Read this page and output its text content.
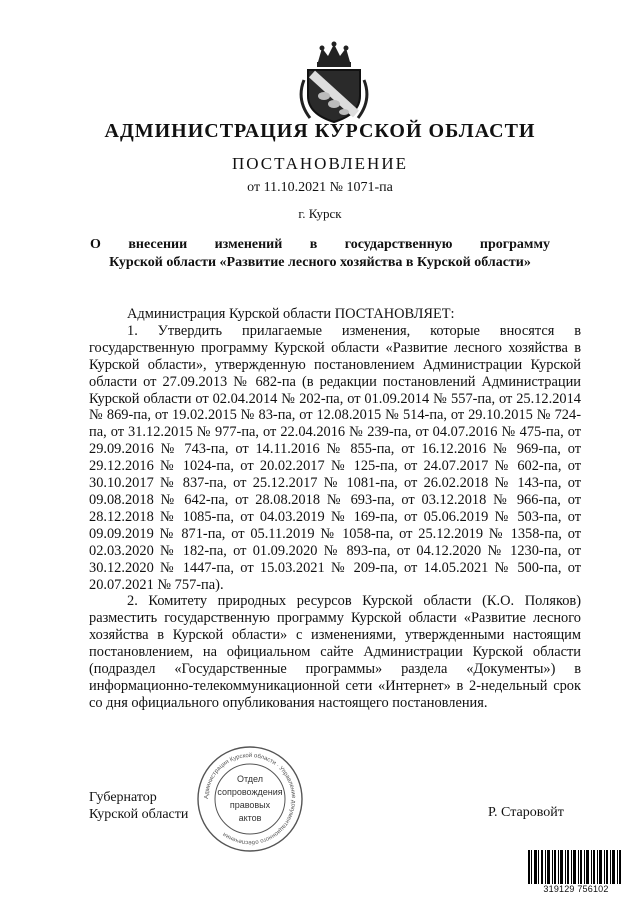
АДМИНИСТРАЦИЯ КУРСКОЙ ОБЛАСТИ
ПОСТАНОВЛЕНИЕ
от 11.10.2021 № 1071-па
г. Курск
О внесении изменений в государственную программу
Курской области «Развитие лесного хозяйства в Курской области»

Администрация Курской области ПОСТАНОВЛЯЕТ:

1. Утвердить прилагаемые изменения, которые вносятся в государственную программу Курской области «Развитие лесного хозяйства в Курской области», утвержденную постановлением Администрации Курской области от 27.09.2013 № 682-па (в редакции постановлений Администрации Курской области от 02.04.2014 № 202-па, от 01.09.2014 № 557-па, от 25.12.2014 № 869-па, от 19.02.2015 № 83-па, от 12.08.2015 № 514-па, от 29.10.2015 № 724-па, от 31.12.2015 № 977-па, от 22.04.2016 № 239-па, от 04.07.2016 № 475-па, от 29.09.2016 № 743-па, от 14.11.2016 № 855-па, от 16.12.2016 № 969-па, от 29.12.2016 № 1024-па, от 20.02.2017 № 125-па, от 24.07.2017 № 602-па, от 30.10.2017 № 837-па, от 25.12.2017 № 1081-па, от 26.02.2018 № 143-па, от 09.08.2018 № 642-па, от 28.08.2018 № 693-па, от 03.12.2018 № 966-па, от 28.12.2018 № 1085-па, от 04.03.2019 № 169-па, от 05.06.2019 № 503-па, от 09.09.2019 № 871-па, от 05.11.2019 № 1058-па, от 25.12.2019 № 1358-па, от 02.03.2020 № 182-па, от 01.09.2020 № 893-па, от 04.12.2020 № 1230-па, от 30.12.2020 № 1447-па, от 15.03.2021 № 209-па, от 14.05.2021 № 500-па, от 20.07.2021 № 757-па).

2. Комитету природных ресурсов Курской области (К.О. Поляков) разместить государственную программу Курской области «Развитие лесного хозяйства в Курской области» с изменениями, утвержденными настоящим постановлением, на официальном сайте Администрации Курской области (подраздел «Государственные программы» раздела «Документы») в информационно-телекоммуникационной сети «Интернет» в 2-недельный срок со дня официального опубликования настоящего постановления.

Губернатор
Курской области	Р. Старовойт
Администрация Курской области · Управление документационного обеспечения
Отдел
сопровождения
правовых
актов
319129 756102
